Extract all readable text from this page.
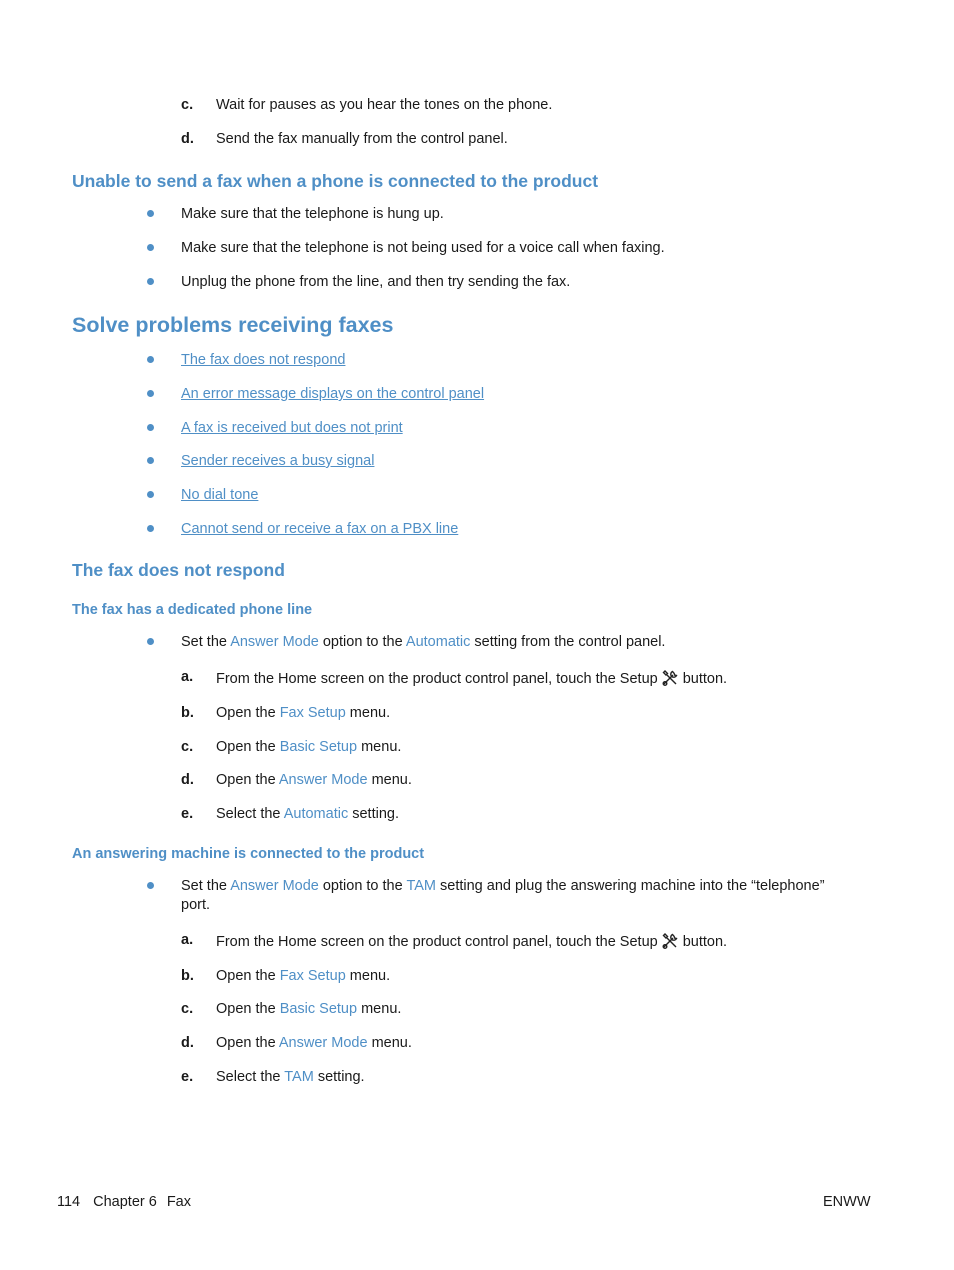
c. Wait for pauses as you hear the tones on the phone.
d. Send the fax manually from the control panel.
Unable to send a fax when a phone is connected to the product
Make sure that the telephone is hung up.
Make sure that the telephone is not being used for a voice call when faxing.
Unplug the phone from the line, and then try sending the fax.
Solve problems receiving faxes
The fax does not respond
An error message displays on the control panel
A fax is received but does not print
Sender receives a busy signal
No dial tone
Cannot send or receive a fax on a PBX line
The fax does not respond
The fax has a dedicated phone line
Set the Answer Mode option to the Automatic setting from the control panel.
a. From the Home screen on the product control panel, touch the Setup button.
b. Open the Fax Setup menu.
c. Open the Basic Setup menu.
d. Open the Answer Mode menu.
e. Select the Automatic setting.
An answering machine is connected to the product
Set the Answer Mode option to the TAM setting and plug the answering machine into the “telephone”
port.
a. From the Home screen on the product control panel, touch the Setup button.
b. Open the Fax Setup menu.
c. Open the Basic Setup menu.
d. Open the Answer Mode menu.
e. Select the TAM setting.
114 Chapter 6 Fax	ENWW
